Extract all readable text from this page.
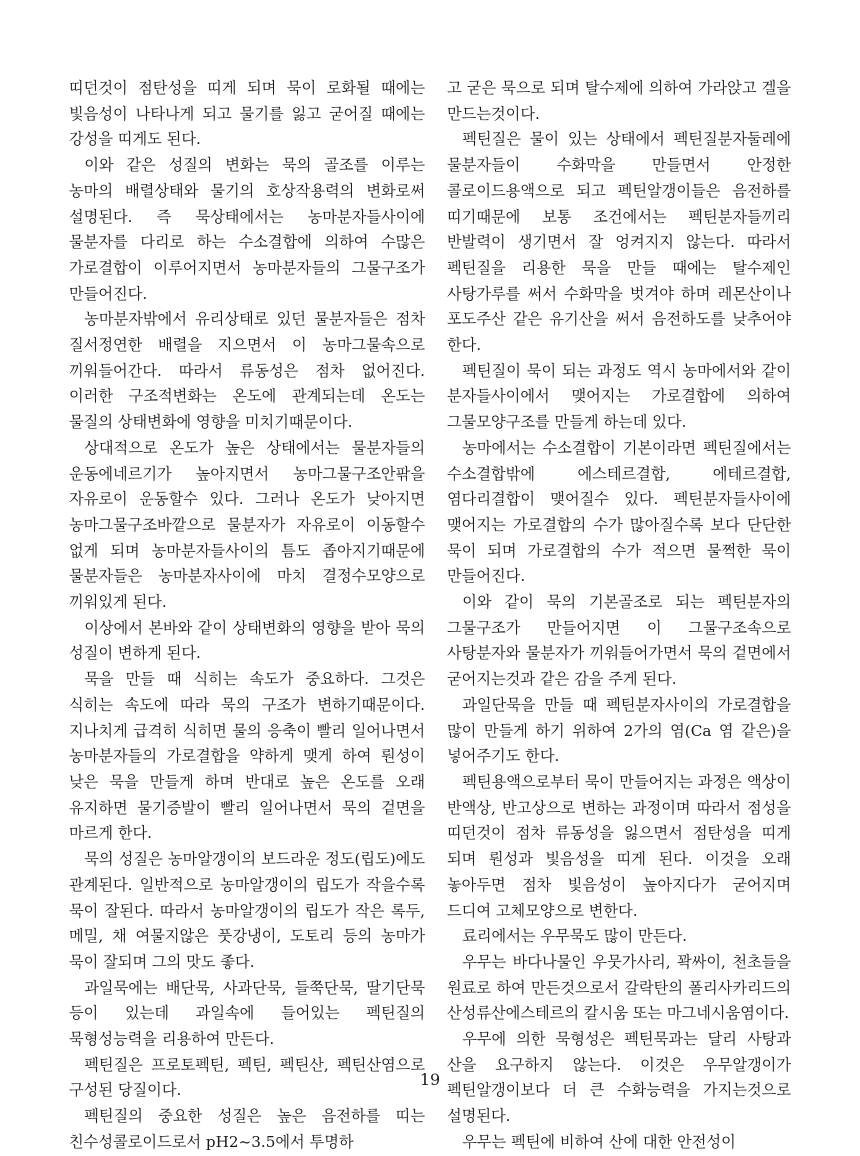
띠던것이 점탄성을 띠게 되며 묵이 로화될 때에는 빛음성이 나타나게 되고 물기를 잃고 굳어질 때에는 강성을 띠게도 된다.

이와 같은 성질의 변화는 묵의 골조를 이루는 농마의 배렬상태와 물기의 호상작용력의 변화로써 설명된다. 즉 묵상태에서는 농마분자들사이에 물분자를 다리로 하는 수소결합에 의하여 수많은 가로결합이 이루어지면서 농마분자들의 그물구조가 만들어진다.

농마분자밖에서 유리상태로 있던 물분자들은 점차 질서정연한 배렬을 지으면서 이 농마그물속으로 끼워들어간다. 따라서 류동성은 점차 없어진다. 이러한 구조적변화는 온도에 관계되는데 온도는 물질의 상태변화에 영향을 미치기때문이다.

상대적으로 온도가 높은 상태에서는 물분자들의 운동에네르기가 높아지면서 농마그물구조안팎을 자유로이 운동할수 있다. 그러나 온도가 낮아지면 농마그물구조바깥으로 물분자가 자유로이 이동할수 없게 되며 농마분자들사이의 틈도 좁아지기때문에 물분자들은 농마분자사이에 마치 결정수모양으로 끼워있게 된다.

이상에서 본바와 같이 상태변화의 영향을 받아 묵의 성질이 변하게 된다.

묵을 만들 때 식히는 속도가 중요하다. 그것은 식히는 속도에 따라 묵의 구조가 변하기때문이다. 지나치게 급격히 식히면 물의 응축이 빨리 일어나면서 농마분자들의 가로결합을 약하게 맺게 하여 뤈성이 낮은 묵을 만들게 하며 반대로 높은 온도를 오래 유지하면 물기증발이 빨리 일어나면서 묵의 겉면을 마르게 한다.

묵의 성질은 농마알갱이의 보드라운 정도(립도)에도 관계된다. 일반적으로 농마알갱이의 립도가 작을수록 묵이 잘된다. 따라서 농마알갱이의 립도가 작은 록두, 메밀, 채 여물지않은 풋강냉이, 도토리 등의 농마가 묵이 잘되며 그의 맛도 좋다.

과일묵에는 배단묵, 사과단묵, 들쭉단묵, 딸기단묵 등이 있는데 과일속에 들어있는 펙틴질의 묵형성능력을 리용하여 만든다.

펙틴질은 프로토펙틴, 펙틴, 펙틴산, 펙틴산염으로 구성된 당질이다.

펙틴질의 중요한 성질은 높은 음전하를 띠는 친수성콜로이드로서 pH2~3.5에서 투명하

고 굳은 묵으로 되며 탈수제에 의하여 가라앉고 겔을 만드는것이다.

펙틴질은 물이 있는 상태에서 펙틴질분자둘레에 물분자들이 수화막을 만들면서 안정한 콜로이드용액으로 되고 펙틴알갱이들은 음전하를 띠기때문에 보통 조건에서는 펙틴분자들끼리 반발력이 생기면서 잘 엉켜지지 않는다. 따라서 펙틴질을 리용한 묵을 만들 때에는 탈수제인 사탕가루를 써서 수화막을 벗겨야 하며 레몬산이나 포도주산 같은 유기산을 써서 음전하도를 낮추어야 한다.

펙틴질이 묵이 되는 과정도 역시 농마에서와 같이 분자들사이에서 맺어지는 가로결합에 의하여 그물모양구조를 만들게 하는데 있다.

농마에서는 수소결합이 기본이라면 펙틴질에서는 수소결합밖에 에스테르결합, 에테르결합, 염다리결합이 맺어질수 있다. 펙틴분자들사이에 맺어지는 가로결합의 수가 많아질수록 보다 단단한 묵이 되며 가로결합의 수가 적으면 물쩍한 묵이 만들어진다.

이와 같이 묵의 기본골조로 되는 펙틴분자의 그물구조가 만들어지면 이 그물구조속으로 사탕분자와 물분자가 끼워들어가면서 묵의 겉면에서 굳어지는것과 같은 감을 주게 된다.

과일단묵을 만들 때 펙틴분자사이의 가로결합을 많이 만들게 하기 위하여 2가의 염(Ca 염 같은)을 넣어주기도 한다.

펙틴용액으로부터 묵이 만들어지는 과정은 액상이 반액상, 반고상으로 변하는 과정이며 따라서 점성을 띠던것이 점차 류동성을 잃으면서 점탄성을 띠게 되며 뤈성과 빛음성을 띠게 된다. 이것을 오래 놓아두면 점차 빛음성이 높아지다가 굳어지며 드디여 고체모양으로 변한다.

료리에서는 우무묵도 많이 만든다.

우무는 바다나물인 우뭇가사리, 꽉싸이, 천초들을 원료로 하여 만든것으로서 갈락탄의 폴리사카리드의 산성류산에스테르의 칼시움 또는 마그네시움염이다.

우무에 의한 묵형성은 펙틴묵과는 달리 사탕과 산을 요구하지 않는다. 이것은 우무알갱이가 펙틴알갱이보다 더 큰 수화능력을 가지는것으로 설명된다.

우무는 펙틴에 비하여 산에 대한 안전성이

19
